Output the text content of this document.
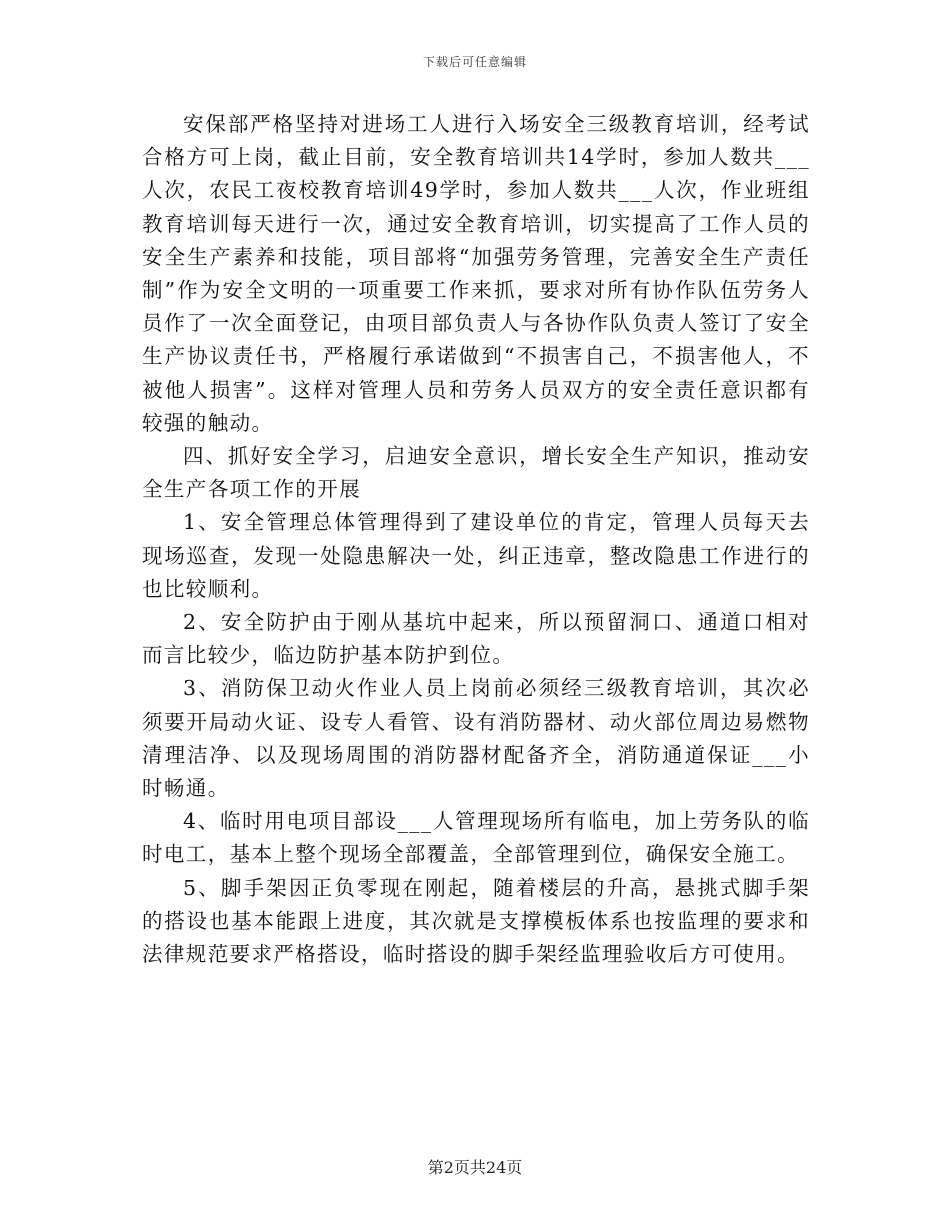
下载后可任意编辑

安保部严格坚持对进场工人进行入场安全三级教育培训，经考试合格方可上岗，截止目前，安全教育培训共14学时，参加人数共___人次，农民工夜校教育培训49学时，参加人数共___人次，作业班组教育培训每天进行一次，通过安全教育培训，切实提高了工作人员的安全生产素养和技能，项目部将“加强劳务管理，完善安全生产责任制”作为安全文明的一项重要工作来抓，要求对所有协作队伍劳务人员作了一次全面登记，由项目部负责人与各协作队负责人签订了安全生产协议责任书，严格履行承诺做到“不损害自己，不损害他人，不被他人损害”。这样对管理人员和劳务人员双方的安全责任意识都有较强的触动。

四、抓好安全学习，启迪安全意识，增长安全生产知识，推动安全生产各项工作的开展

1、安全管理总体管理得到了建设单位的肯定，管理人员每天去现场巡查，发现一处隐患解决一处，纠正违章，整改隐患工作进行的也比较顺利。

2、安全防护由于刚从基坑中起来，所以预留洞口、通道口相对而言比较少，临边防护基本防护到位。

3、消防保卫动火作业人员上岗前必须经三级教育培训，其次必须要开局动火证、设专人看管、设有消防器材、动火部位周边易燃物清理洁净、以及现场周围的消防器材配备齐全，消防通道保证___小时畅通。

4、临时用电项目部设___人管理现场所有临电，加上劳务队的临时电工，基本上整个现场全部覆盖，全部管理到位，确保安全施工。

5、脚手架因正负零现在刚起，随着楼层的升高，悬挑式脚手架的搭设也基本能跟上进度，其次就是支撑模板体系也按监理的要求和法律规范要求严格搭设，临时搭设的脚手架经监理验收后方可使用。

第2页共24页
